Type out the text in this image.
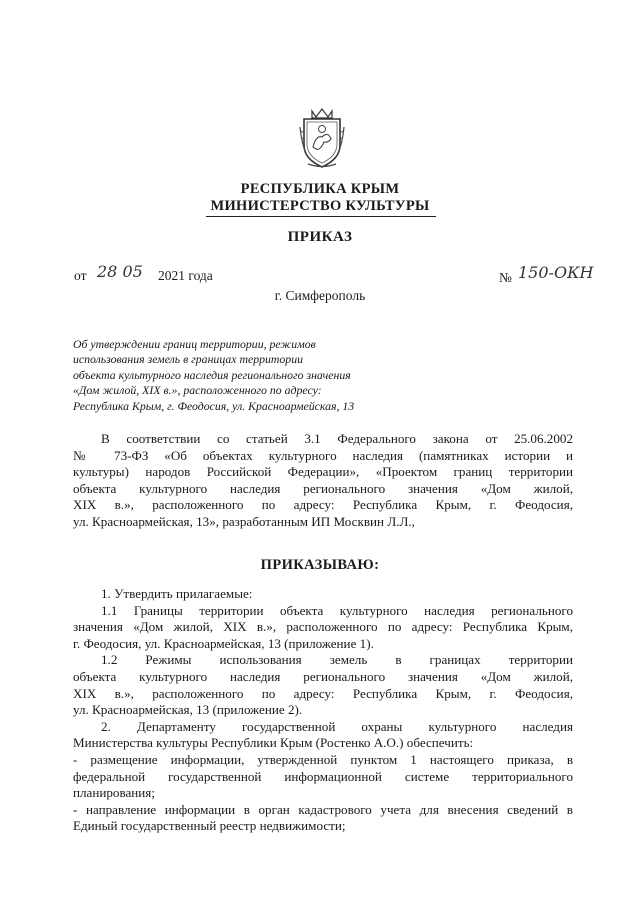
РЕСПУБЛИКА КРЫМ
МИНИСТЕРСТВО КУЛЬТУРЫ
ПРИКАЗ
от 28 05 2021 года	№ 150-ОКН
г. Симферополь
Об утверждении границ территории, режимов
использования земель в границах территории
объекта культурного наследия регионального значения
«Дом жилой, XIX в.», расположенного по адресу:
Республика Крым, г. Феодосия, ул. Красноармейская, 13
В соответствии со статьей 3.1 Федерального закона от 25.06.2002
№ 73-ФЗ «Об объектах культурного наследия (памятниках истории и
культуры) народов Российской Федерации», «Проектом границ территории
объекта культурного наследия регионального значения «Дом жилой,
XIX в.», расположенного по адресу: Республика Крым, г. Феодосия,
ул. Красноармейская, 13», разработанным ИП Москвин Л.Л.,
ПРИКАЗЫВАЮ:
1. Утвердить прилагаемые:
1.1 Границы территории объекта культурного наследия регионального
значения «Дом жилой, XIX в.», расположенного по адресу: Республика Крым,
г. Феодосия, ул. Красноармейская, 13 (приложение 1).
1.2 Режимы использования земель в границах территории
объекта культурного наследия регионального значения «Дом жилой,
XIX в.», расположенного по адресу: Республика Крым, г. Феодосия,
ул. Красноармейская, 13 (приложение 2).
2. Департаменту государственной охраны культурного наследия
Министерства культуры Республики Крым (Ростенко А.О.) обеспечить:
- размещение информации, утвержденной пунктом 1 настоящего приказа, в
федеральной государственной информационной системе территориального
планирования;
- направление информации в орган кадастрового учета для внесения сведений в
Единый государственный реестр недвижимости;
